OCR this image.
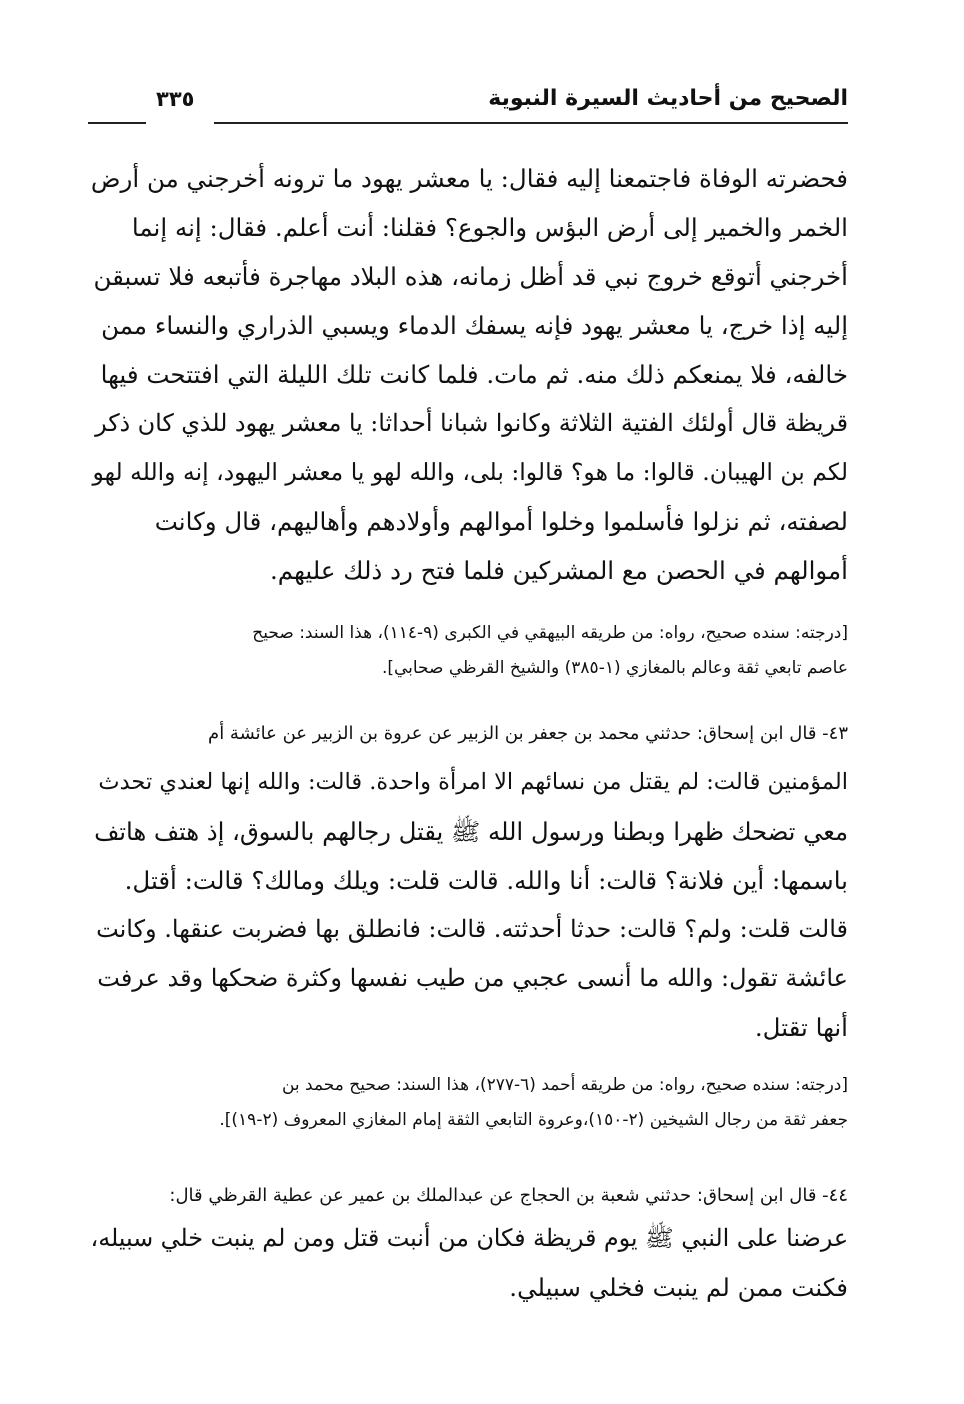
الصحيح من أحاديث السيرة النبوية
٣٣٥
فحضرته الوفاة فاجتمعنا إليه فقال: يا معشر يهود ما ترونه أخرجني من أرض
الخمر والخمير إلى أرض البؤس والجوع؟ فقلنا: أنت أعلم. فقال: إنه إنما
أخرجني أتوقع خروج نبي قد أظل زمانه، هذه البلاد مهاجرة فأتبعه فلا تسبقن
إليه إذا خرج، يا معشر يهود فإنه يسفك الدماء ويسبي الذراري والنساء ممن
خالفه، فلا يمنعكم ذلك منه. ثم مات. فلما كانت تلك الليلة التي افتتحت فيها
قريظة قال أولئك الفتية الثلاثة وكانوا شبانا أحداثا: يا معشر يهود للذي كان ذكر
لكم بن الهيبان. قالوا: ما هو؟ قالوا: بلى، والله لهو يا معشر اليهود، إنه والله لهو
لصفته، ثم نزلوا فأسلموا وخلوا أموالهم وأولادهم وأهاليهم، قال وكانت
أموالهم في الحصن مع المشركين فلما فتح رد ذلك عليهم.
[درجته: سنده صحيح، رواه: من طريقه البيهقي في الكبرى (٩-١١٤)، هذا السند: صحيح
عاصم تابعي ثقة وعالم بالمغازي (١-٣٨٥) والشيخ القرظي صحابي].
٤٣- قال ابن إسحاق: حدثني محمد بن جعفر بن الزبير عن عروة بن الزبير عن عائشة أم
المؤمنين قالت: لم يقتل من نسائهم الا امرأة واحدة. قالت: والله إنها لعندي تحدث
معي تضحك ظهرا وبطنا ورسول الله ﷺ يقتل رجالهم بالسوق، إذ هتف هاتف
باسمها: أين فلانة؟ قالت: أنا والله. قالت قلت: ويلك ومالك؟ قالت: أقتل.
قالت قلت: ولم؟ قالت: حدثا أحدثته. قالت: فانطلق بها فضربت عنقها. وكانت
عائشة تقول: والله ما أنسى عجبي من طيب نفسها وكثرة ضحكها وقد عرفت
أنها تقتل.
[درجته: سنده صحيح، رواه: من طريقه أحمد (٦-٢٧٧)، هذا السند: صحيح محمد بن
جعفر ثقة من رجال الشيخين (٢-١٥٠)،وعروة التابعي الثقة إمام المغازي المعروف (٢-١٩)].
٤٤- قال ابن إسحاق: حدثني شعبة بن الحجاج عن عبدالملك بن عمير عن عطية القرظي قال:
عرضنا على النبي ﷺ يوم قريظة فكان من أنبت قتل ومن لم ينبت خلي سبيله،
فكنت ممن لم ينبت فخلي سبيلي.
